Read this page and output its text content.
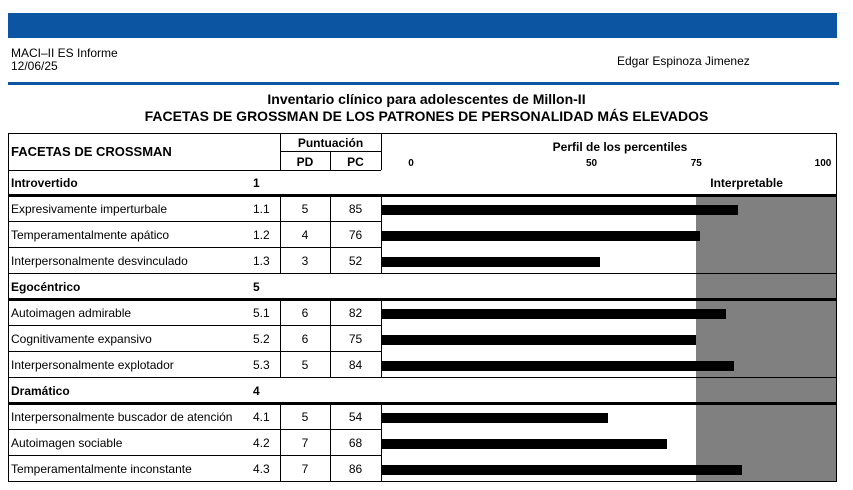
MACI–II ES Informe
12/06/25	Edgar Espinoza Jimenez
Inventario clínico para adolescentes de Millon-II
FACETAS DE GROSSMAN DE LOS PATRONES DE PERSONALIDAD MÁS ELEVADOS
FACETAS DE CROSSMAN
Puntuación
PD	PC
Perfil de los percentiles
0	50	75	100
Introvertido	1	Interpretable
Expresivamente imperturbale	1.1	5	85
Temperamentalmente apático	1.2	4	76
Interpersonalmente desvinculado	1.3	3	52
Egocéntrico	5
Autoimagen admirable	5.1	6	82
Cognitivamente expansivo	5.2	6	75
Interpersonalmente explotador	5.3	5	84
Dramático	4
Interpersonalmente buscador de atención 4.1	5	54
Autoimagen sociable	4.2	7	68
Temperamentalmente inconstante	4.3	7	86
